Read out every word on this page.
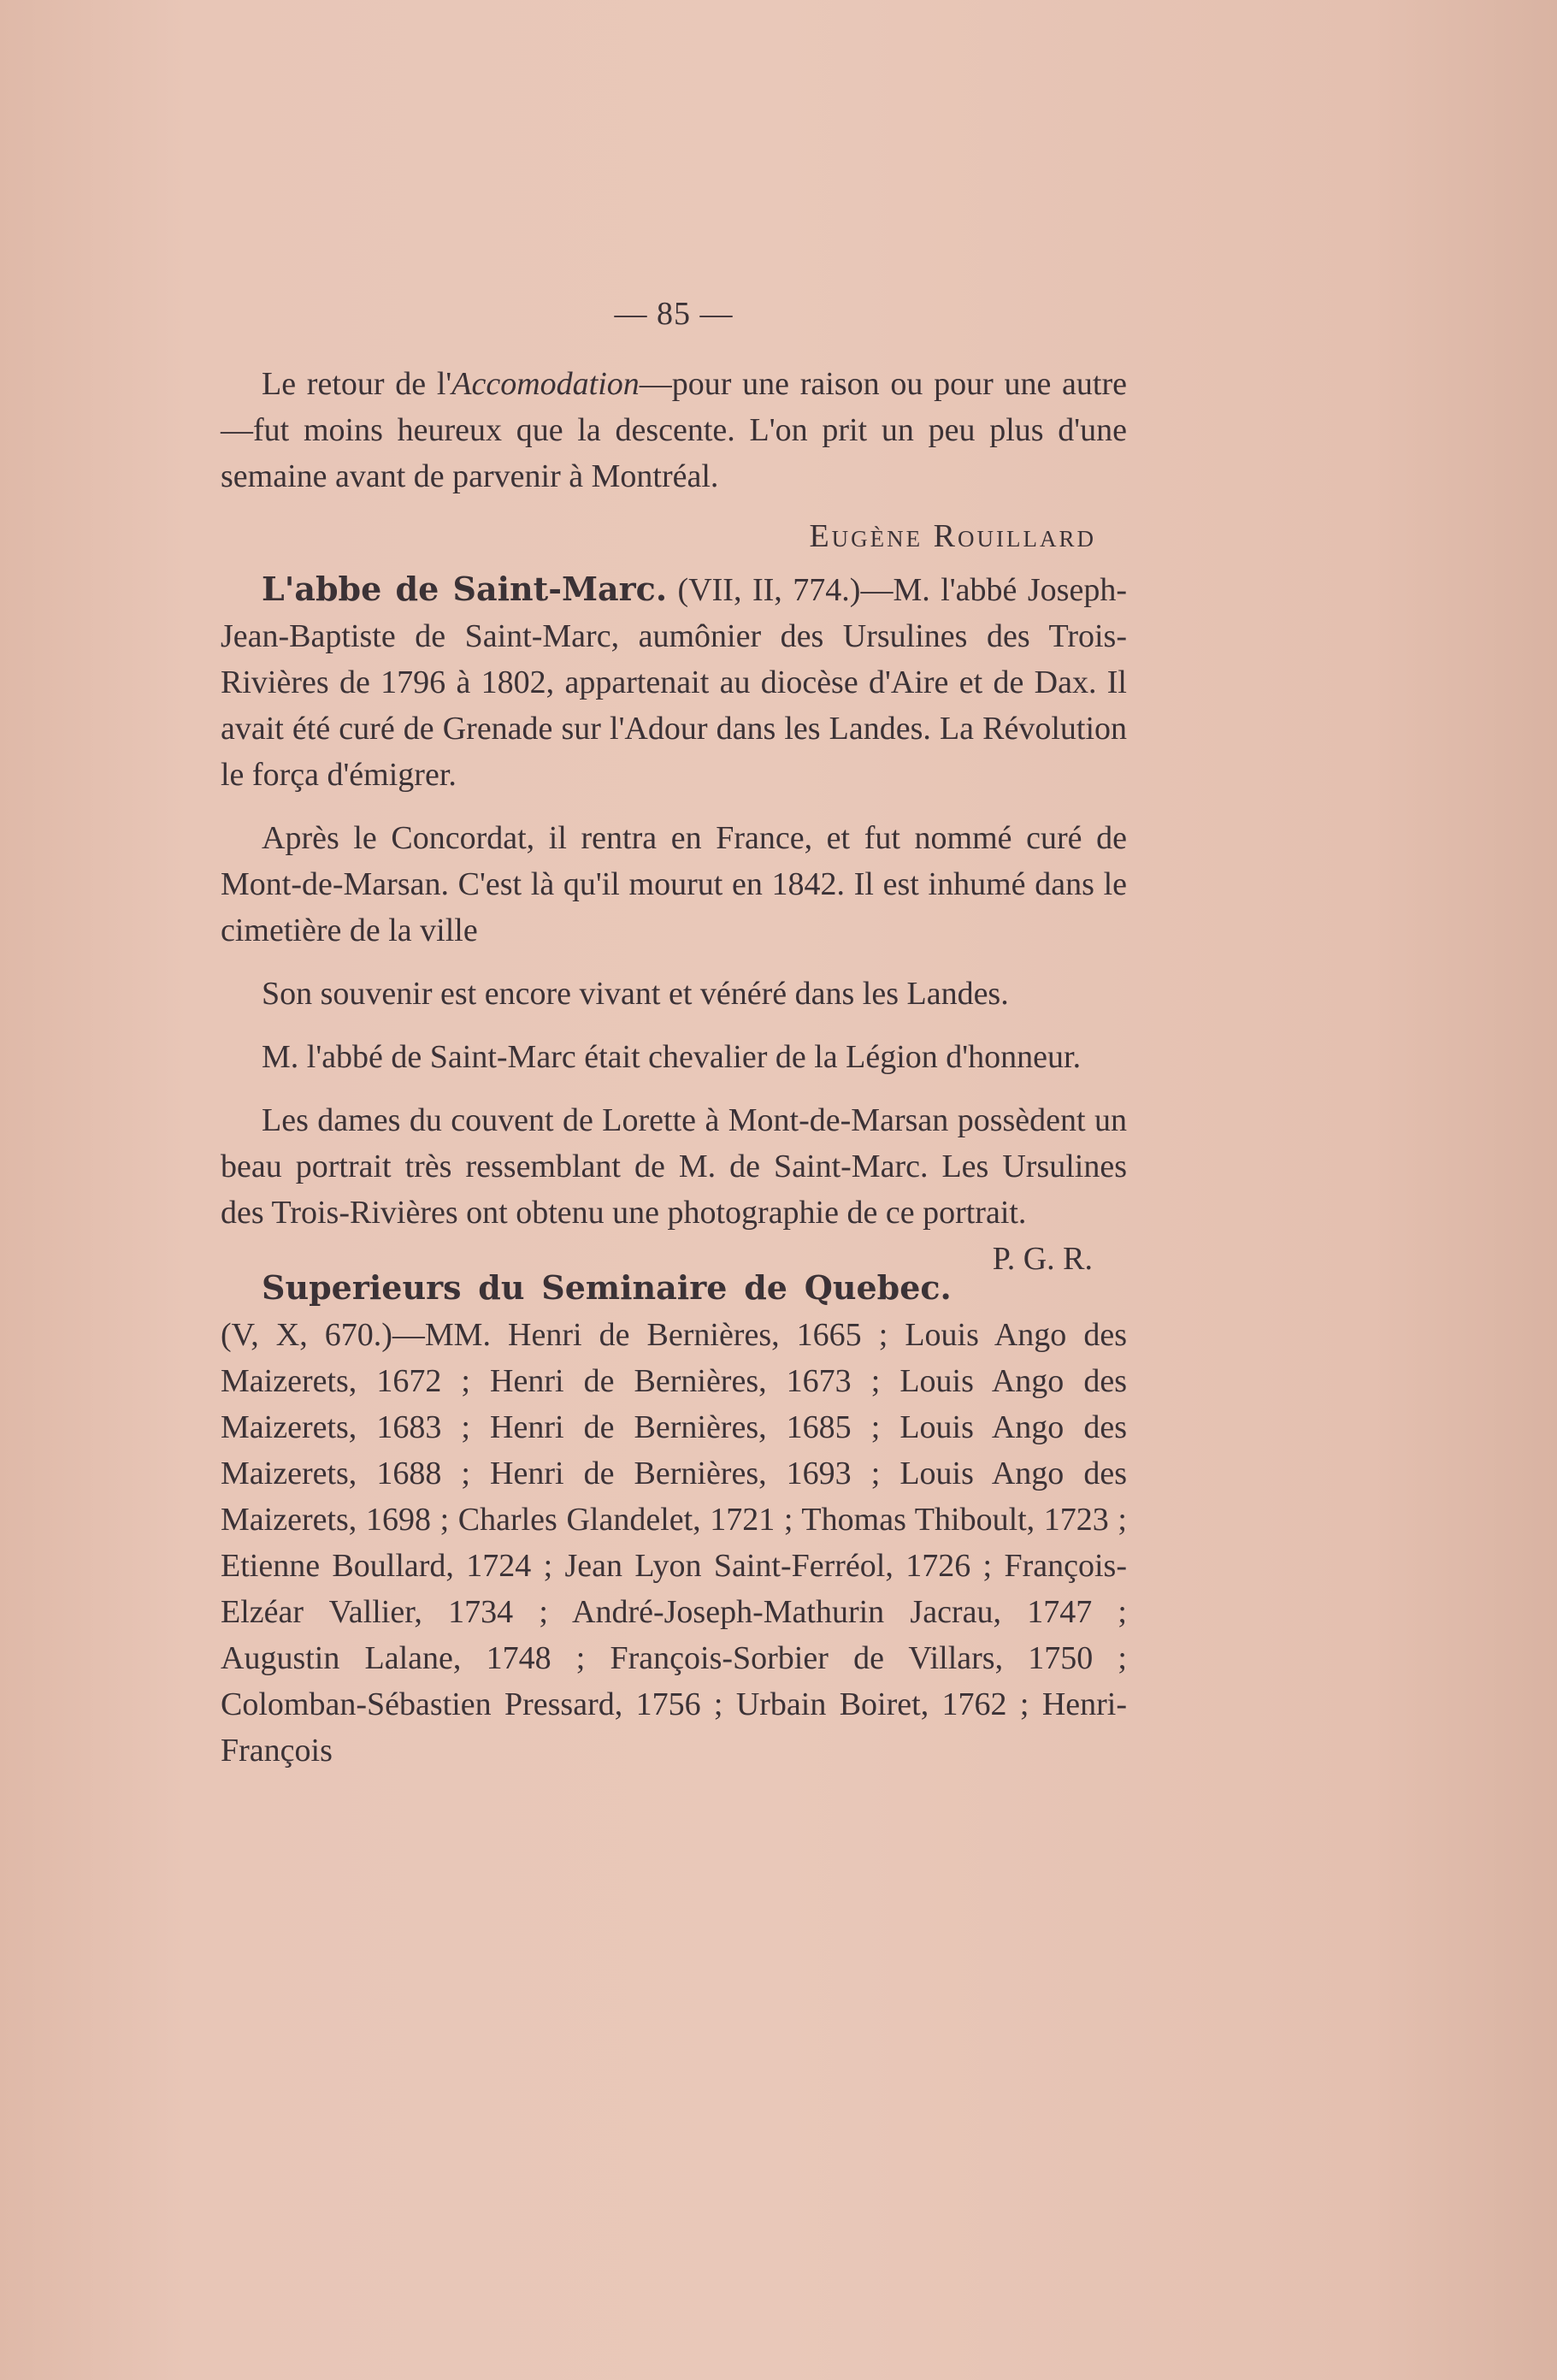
— 85 —

Le retour de l'Accomodation—pour une raison ou pour une autre—fut moins heureux que la descente. L'on prit un peu plus d'une semaine avant de parvenir à Montréal.

Eugène Rouillard

L'abbe de Saint-Marc. (VII, II, 774.)—M. l'abbé Joseph-Jean-Baptiste de Saint-Marc, aumônier des Ursulines des Trois-Rivières de 1796 à 1802, appartenait au diocèse d'Aire et de Dax. Il avait été curé de Grenade sur l'Adour dans les Landes. La Révolution le força d'émigrer.

Après le Concordat, il rentra en France, et fut nommé curé de Mont-de-Marsan. C'est là qu'il mourut en 1842. Il est inhumé dans le cimetière de la ville

Son souvenir est encore vivant et vénéré dans les Landes.

M. l'abbé de Saint-Marc était chevalier de la Légion d'honneur.

Les dames du couvent de Lorette à Mont-de-Marsan possèdent un beau portrait très ressemblant de M. de Saint-Marc. Les Ursulines des Trois-Rivières ont obtenu une photographie de ce portrait.
P. G. R.

Superieurs du Seminaire de Quebec. (V, X, 670.)—MM. Henri de Bernières, 1665 ; Louis Ango des Maizerets, 1672 ; Henri de Bernières, 1673 ; Louis Ango des Maizerets, 1683 ; Henri de Bernières, 1685 ; Louis Ango des Maizerets, 1688 ; Henri de Bernières, 1693 ; Louis Ango des Maizerets, 1698 ; Charles Glandelet, 1721 ; Thomas Thiboult, 1723 ; Etienne Boullard, 1724 ; Jean Lyon Saint-Ferréol, 1726 ; François-Elzéar Vallier, 1734 ; André-Joseph-Mathurin Jacrau, 1747 ; Augustin Lalane, 1748 ; François-Sorbier de Villars, 1750 ; Colomban-Sébastien Pressard, 1756 ; Urbain Boiret, 1762 ; Henri-François
